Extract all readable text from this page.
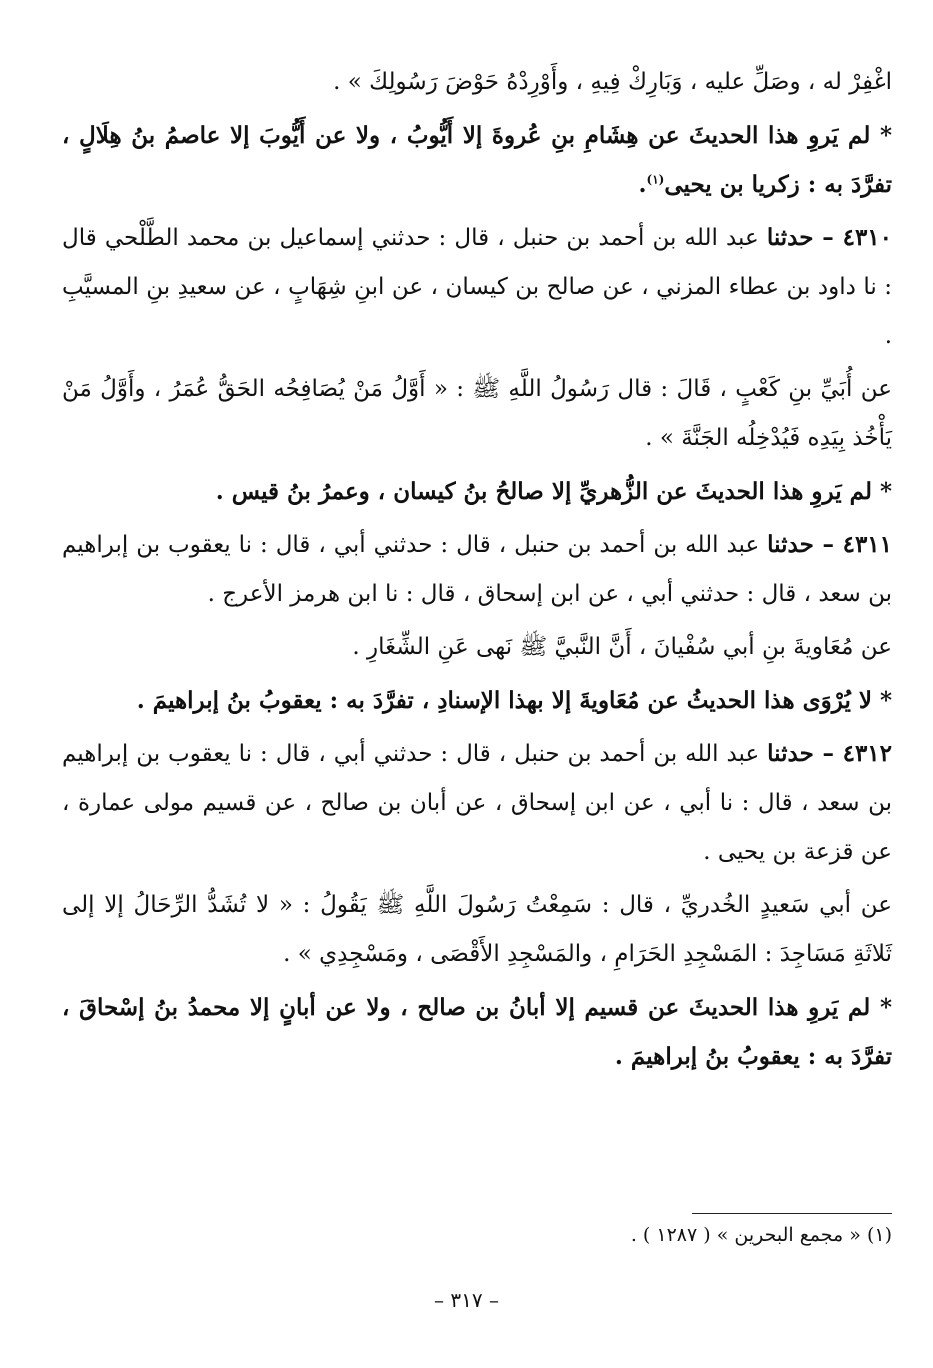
اغْفِرْ له ، وصَلِّ عليه ، وَبَارِكْ فِيهِ ، وأَوْرِدْهُ حَوْضَ رَسُولِكَ » .

* لم يَروِ هذا الحديثَ عن هِشَامِ بنِ عُروةَ إلا أَيُّوبُ ، ولا عن أَيُّوبَ إلا عاصمُ بنُ هِلَالٍ ، تفرَّدَ به : زكريا بن يحيى$^{(١)}$.

٤٣١٠ – حدثنا عبد الله بن أحمد بن حنبل ، قال : حدثني إسماعيل بن محمد الطَّلْحي قال : نا داود بن عطاء المزني ، عن صالح بن كيسان ، عن ابنِ شِهَابٍ ، عن سعيدِ بنِ المسيَّبِ .

عن أُبَيِّ بنِ كَعْبٍ ، قَالَ : قال رَسُولُ اللَّهِ ﷺ : « أَوَّلُ مَنْ يُصَافِحُه الحَقُّ عُمَرُ ، وأَوَّلُ مَنْ يَأْخُذ بِيَدِه فَيُدْخِلُه الجَنَّةَ » .

* لم يَروِ هذا الحديثَ عن الزُّهريِّ إلا صالحُ بنُ كيسان ، وعمرُ بنُ قيس .

٤٣١١ – حدثنا عبد الله بن أحمد بن حنبل ، قال : حدثني أبي ، قال : نا يعقوب بن إبراهيم بن سعد ، قال : حدثني أبي ، عن ابن إسحاق ، قال : نا ابن هرمز الأعرج .

عن مُعَاويةَ بنِ أبي سُفْيانَ ، أَنَّ النَّبيَّ ﷺ نَهى عَنِ الشِّغَارِ .

* لا يُرْوَى هذا الحديثُ عن مُعَاويةَ إلا بهذا الإسنادِ ، تفرَّدَ به : يعقوبُ بنُ إبراهيمَ .

٤٣١٢ – حدثنا عبد الله بن أحمد بن حنبل ، قال : حدثني أبي ، قال : نا يعقوب بن إبراهيم بن سعد ، قال : نا أبي ، عن ابن إسحاق ، عن أبان بن صالح ، عن قسيم مولى عمارة ، عن قزعة بن يحيى .

عن أبي سَعيدٍ الخُدريِّ ، قال : سَمِعْتُ رَسُولَ اللَّهِ ﷺ يَقُولُ : « لا تُشَدُّ الرِّحَالُ إلا إلى ثَلاثَةِ مَسَاجِدَ : المَسْجِدِ الحَرَامِ ، والمَسْجِدِ الأَقْصَى ، ومَسْجِدِي » .

* لم يَروِ هذا الحديثَ عن قسيم إلا أبانُ بن صالح ، ولا عن أبانٍ إلا محمدُ بنُ إسْحاقَ ، تفرَّدَ به : يعقوبُ بنُ إبراهيمَ .

(١) « مجمع البحرين » ( ١٢٨٧ ) .
– ٣١٧ –
